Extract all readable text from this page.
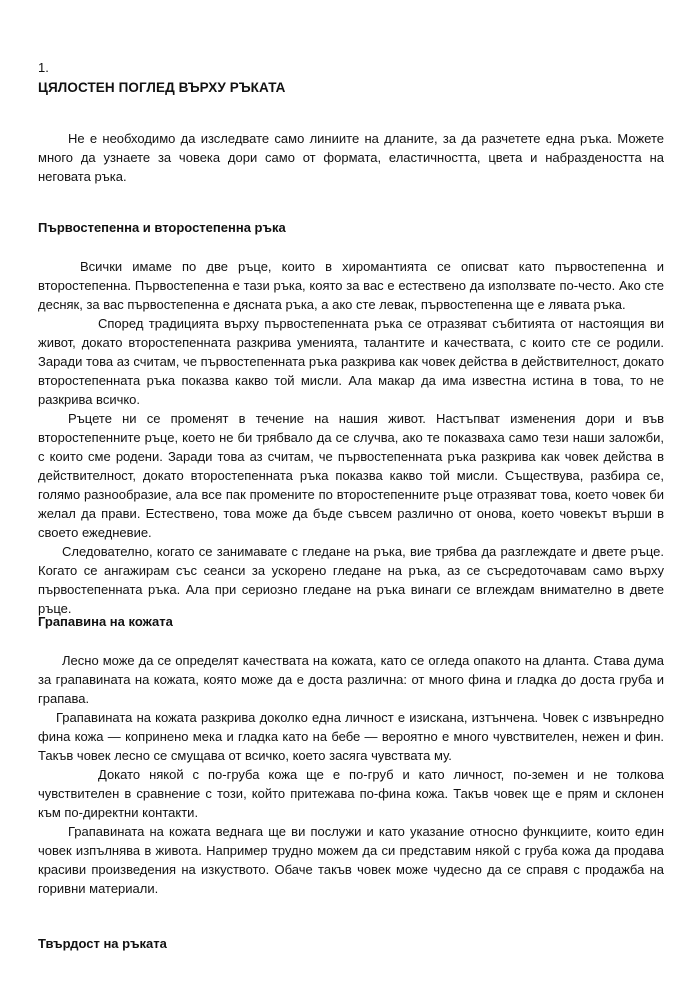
1.
ЦЯЛОСТЕН ПОГЛЕД ВЪРХУ РЪКАТА

Не е необходимо да изследвате само линиите на дланите, за да разчетете една ръка. Можете много да узнаете за човека дори само от формата, еластичността, цвета и набраздеността на неговата ръка.

Първостепенна и второстепенна ръка

Всички имаме по две ръце, които в хиромантията се описват като първостепенна и второстепенна. Първостепенна е тази ръка, която за вас е естествено да използвате по-често. Ако сте десняк, за вас първостепенна е дясната ръка, а ако сте левак, първостепенна ще е лявата ръка.

Според традицията върху първостепенната ръка се отразяват събитията от настоящия ви живот, докато второстепенната разкрива уменията, талантите и качествата, с които сте се родили. Заради това аз считам, че първостепенната ръка разкрива как човек действа в действителност, докато второстепенната ръка показва какво той мисли. Ала макар да има известна истина в това, то не разкрива всичко.

Ръцете ни се променят в течение на нашия живот. Настъпват изменения дори и във второстепенните ръце, което не би трябвало да се случва, ако те показваха само тези наши заложби, с които сме родени. Заради това аз считам, че първостепенната ръка разкрива как човек действа в действителност, докато второстепенната ръка показва какво той мисли. Съществува, разбира се, голямо разнообразие, ала все пак промените по второстепенните ръце отразяват това, което човек би желал да прави. Естествено, това може да бъде съвсем различно от онова, което човекът върши в своето ежедневие.

Следователно, когато се занимавате с гледане на ръка, вие трябва да разглеждате и двете ръце. Когато се ангажирам със сеанси за ускорено гледане на ръка, аз се съсредоточавам само върху първостепенната ръка. Ала при сериозно гледане на ръка винаги се вглеждам внимателно в двете ръце.

Грапавина на кожата

Лесно може да се определят качествата на кожата, като се огледа опакото на дланта. Става дума за грапавината на кожата, която може да е доста различна: от много фина и гладка до доста груба и грапава.

Грапавината на кожата разкрива доколко една личност е изискана, изтънчена. Човек с извънредно фина кожа — копринено мека и гладка като на бебе — вероятно е много чувствителен, нежен и фин. Такъв човек лесно се смущава от всичко, което засяга чувствата му.

Докато някой с по-груба кожа ще е по-груб и като личност, по-земен и не толкова чувствителен в сравнение с този, който притежава по-фина кожа. Такъв човек ще е прям и склонен към по-директни контакти.

Грапавината на кожата веднага ще ви послужи и като указание относно функциите, които един човек изпълнява в живота. Например трудно можем да си представим някой с груба кожа да продава красиви произведения на изкуството. Обаче такъв човек може чудесно да се справя с продажба на горивни материали.

Твърдост на ръката
